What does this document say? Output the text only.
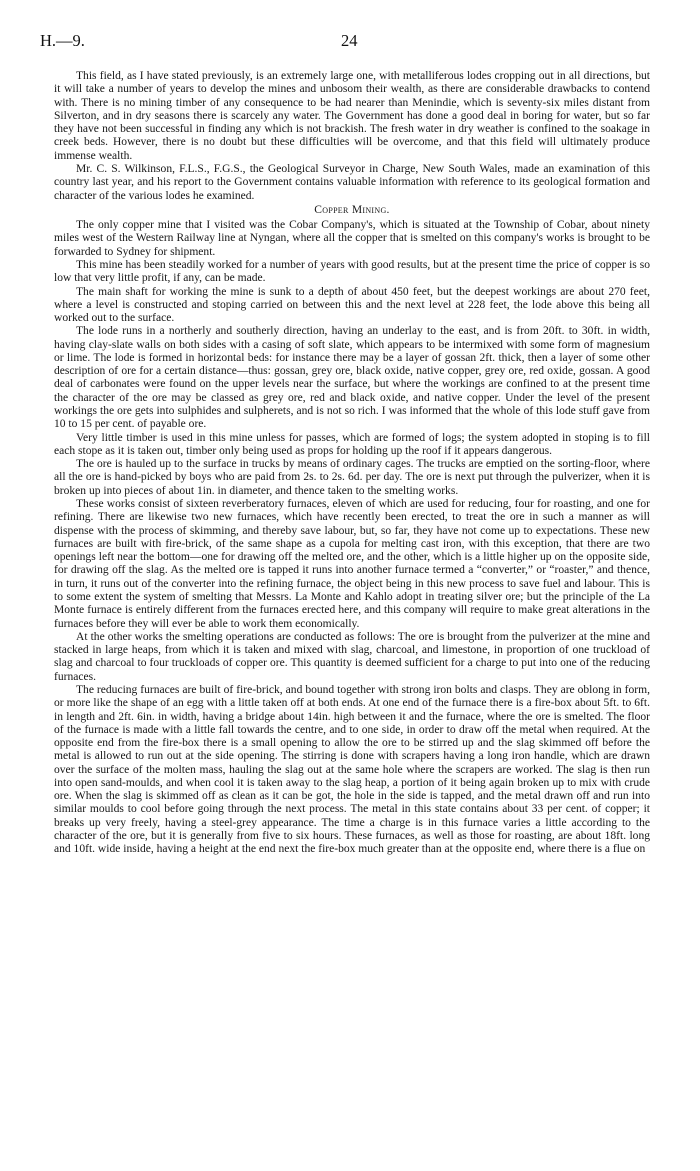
H.—9.	24

This field, as I have stated previously, is an extremely large one, with metalliferous lodes cropping out in all directions, but it will take a number of years to develop the mines and unbosom their wealth, as there are considerable drawbacks to contend with. There is no mining timber of any consequence to be had nearer than Menindie, which is seventy-six miles distant from Silverton, and in dry seasons there is scarcely any water. The Government has done a good deal in boring for water, but so far they have not been successful in finding any which is not brackish. The fresh water in dry weather is confined to the soakage in creek beds. However, there is no doubt but these difficulties will be overcome, and that this field will ultimately produce immense wealth.

Mr. C. S. Wilkinson, F.L.S., F.G.S., the Geological Surveyor in Charge, New South Wales, made an examination of this country last year, and his report to the Government contains valuable information with reference to its geological formation and character of the various lodes he examined.

Copper Mining.

The only copper mine that I visited was the Cobar Company's, which is situated at the Township of Cobar, about ninety miles west of the Western Railway line at Nyngan, where all the copper that is smelted on this company's works is brought to be forwarded to Sydney for shipment.

This mine has been steadily worked for a number of years with good results, but at the present time the price of copper is so low that very little profit, if any, can be made.

The main shaft for working the mine is sunk to a depth of about 450 feet, but the deepest workings are about 270 feet, where a level is constructed and stoping carried on between this and the next level at 228 feet, the lode above this being all worked out to the surface.

The lode runs in a northerly and southerly direction, having an underlay to the east, and is from 20ft. to 30ft. in width, having clay-slate walls on both sides with a casing of soft slate, which appears to be intermixed with some form of magnesium or lime. The lode is formed in horizontal beds: for instance there may be a layer of gossan 2ft. thick, then a layer of some other description of ore for a certain distance—thus: gossan, grey ore, black oxide, native copper, grey ore, red oxide, gossan. A good deal of carbonates were found on the upper levels near the surface, but where the workings are confined to at the present time the character of the ore may be classed as grey ore, red and black oxide, and native copper. Under the level of the present workings the ore gets into sulphides and sulpherets, and is not so rich. I was informed that the whole of this lode stuff gave from 10 to 15 per cent. of payable ore.

Very little timber is used in this mine unless for passes, which are formed of logs; the system adopted in stoping is to fill each stope as it is taken out, timber only being used as props for holding up the roof if it appears dangerous.

The ore is hauled up to the surface in trucks by means of ordinary cages. The trucks are emptied on the sorting-floor, where all the ore is hand-picked by boys who are paid from 2s. to 2s. 6d. per day. The ore is next put through the pulverizer, when it is broken up into pieces of about 1in. in diameter, and thence taken to the smelting works.

These works consist of sixteen reverberatory furnaces, eleven of which are used for reducing, four for roasting, and one for refining. There are likewise two new furnaces, which have recently been erected, to treat the ore in such a manner as will dispense with the process of skimming, and thereby save labour, but, so far, they have not come up to expectations. These new furnaces are built with fire-brick, of the same shape as a cupola for melting cast iron, with this exception, that there are two openings left near the bottom—one for drawing off the melted ore, and the other, which is a little higher up on the opposite side, for drawing off the slag. As the melted ore is tapped it runs into another furnace termed a “converter,” or “roaster,” and thence, in turn, it runs out of the converter into the refining furnace, the object being in this new process to save fuel and labour. This is to some extent the system of smelting that Messrs. La Monte and Kahlo adopt in treating silver ore; but the principle of the La Monte furnace is entirely different from the furnaces erected here, and this company will require to make great alterations in the furnaces before they will ever be able to work them economically.

At the other works the smelting operations are conducted as follows: The ore is brought from the pulverizer at the mine and stacked in large heaps, from which it is taken and mixed with slag, charcoal, and limestone, in proportion of one truckload of slag and charcoal to four truckloads of copper ore. This quantity is deemed sufficient for a charge to put into one of the reducing furnaces.

The reducing furnaces are built of fire-brick, and bound together with strong iron bolts and clasps. They are oblong in form, or more like the shape of an egg with a little taken off at both ends. At one end of the furnace there is a fire-box about 5ft. to 6ft. in length and 2ft. 6in. in width, having a bridge about 14in. high between it and the furnace, where the ore is smelted. The floor of the furnace is made with a little fall towards the centre, and to one side, in order to draw off the metal when required. At the opposite end from the fire-box there is a small opening to allow the ore to be stirred up and the slag skimmed off before the metal is allowed to run out at the side opening. The stirring is done with scrapers having a long iron handle, which are drawn over the surface of the molten mass, hauling the slag out at the same hole where the scrapers are worked. The slag is then run into open sand-moulds, and when cool it is taken away to the slag heap, a portion of it being again broken up to mix with crude ore. When the slag is skimmed off as clean as it can be got, the hole in the side is tapped, and the metal drawn off and run into similar moulds to cool before going through the next process. The metal in this state contains about 33 per cent. of copper; it breaks up very freely, having a steel-grey appearance. The time a charge is in this furnace varies a little according to the character of the ore, but it is generally from five to six hours. These furnaces, as well as those for roasting, are about 18ft. long and 10ft. wide inside, having a height at the end next the fire-box much greater than at the opposite end, where there is a flue on
